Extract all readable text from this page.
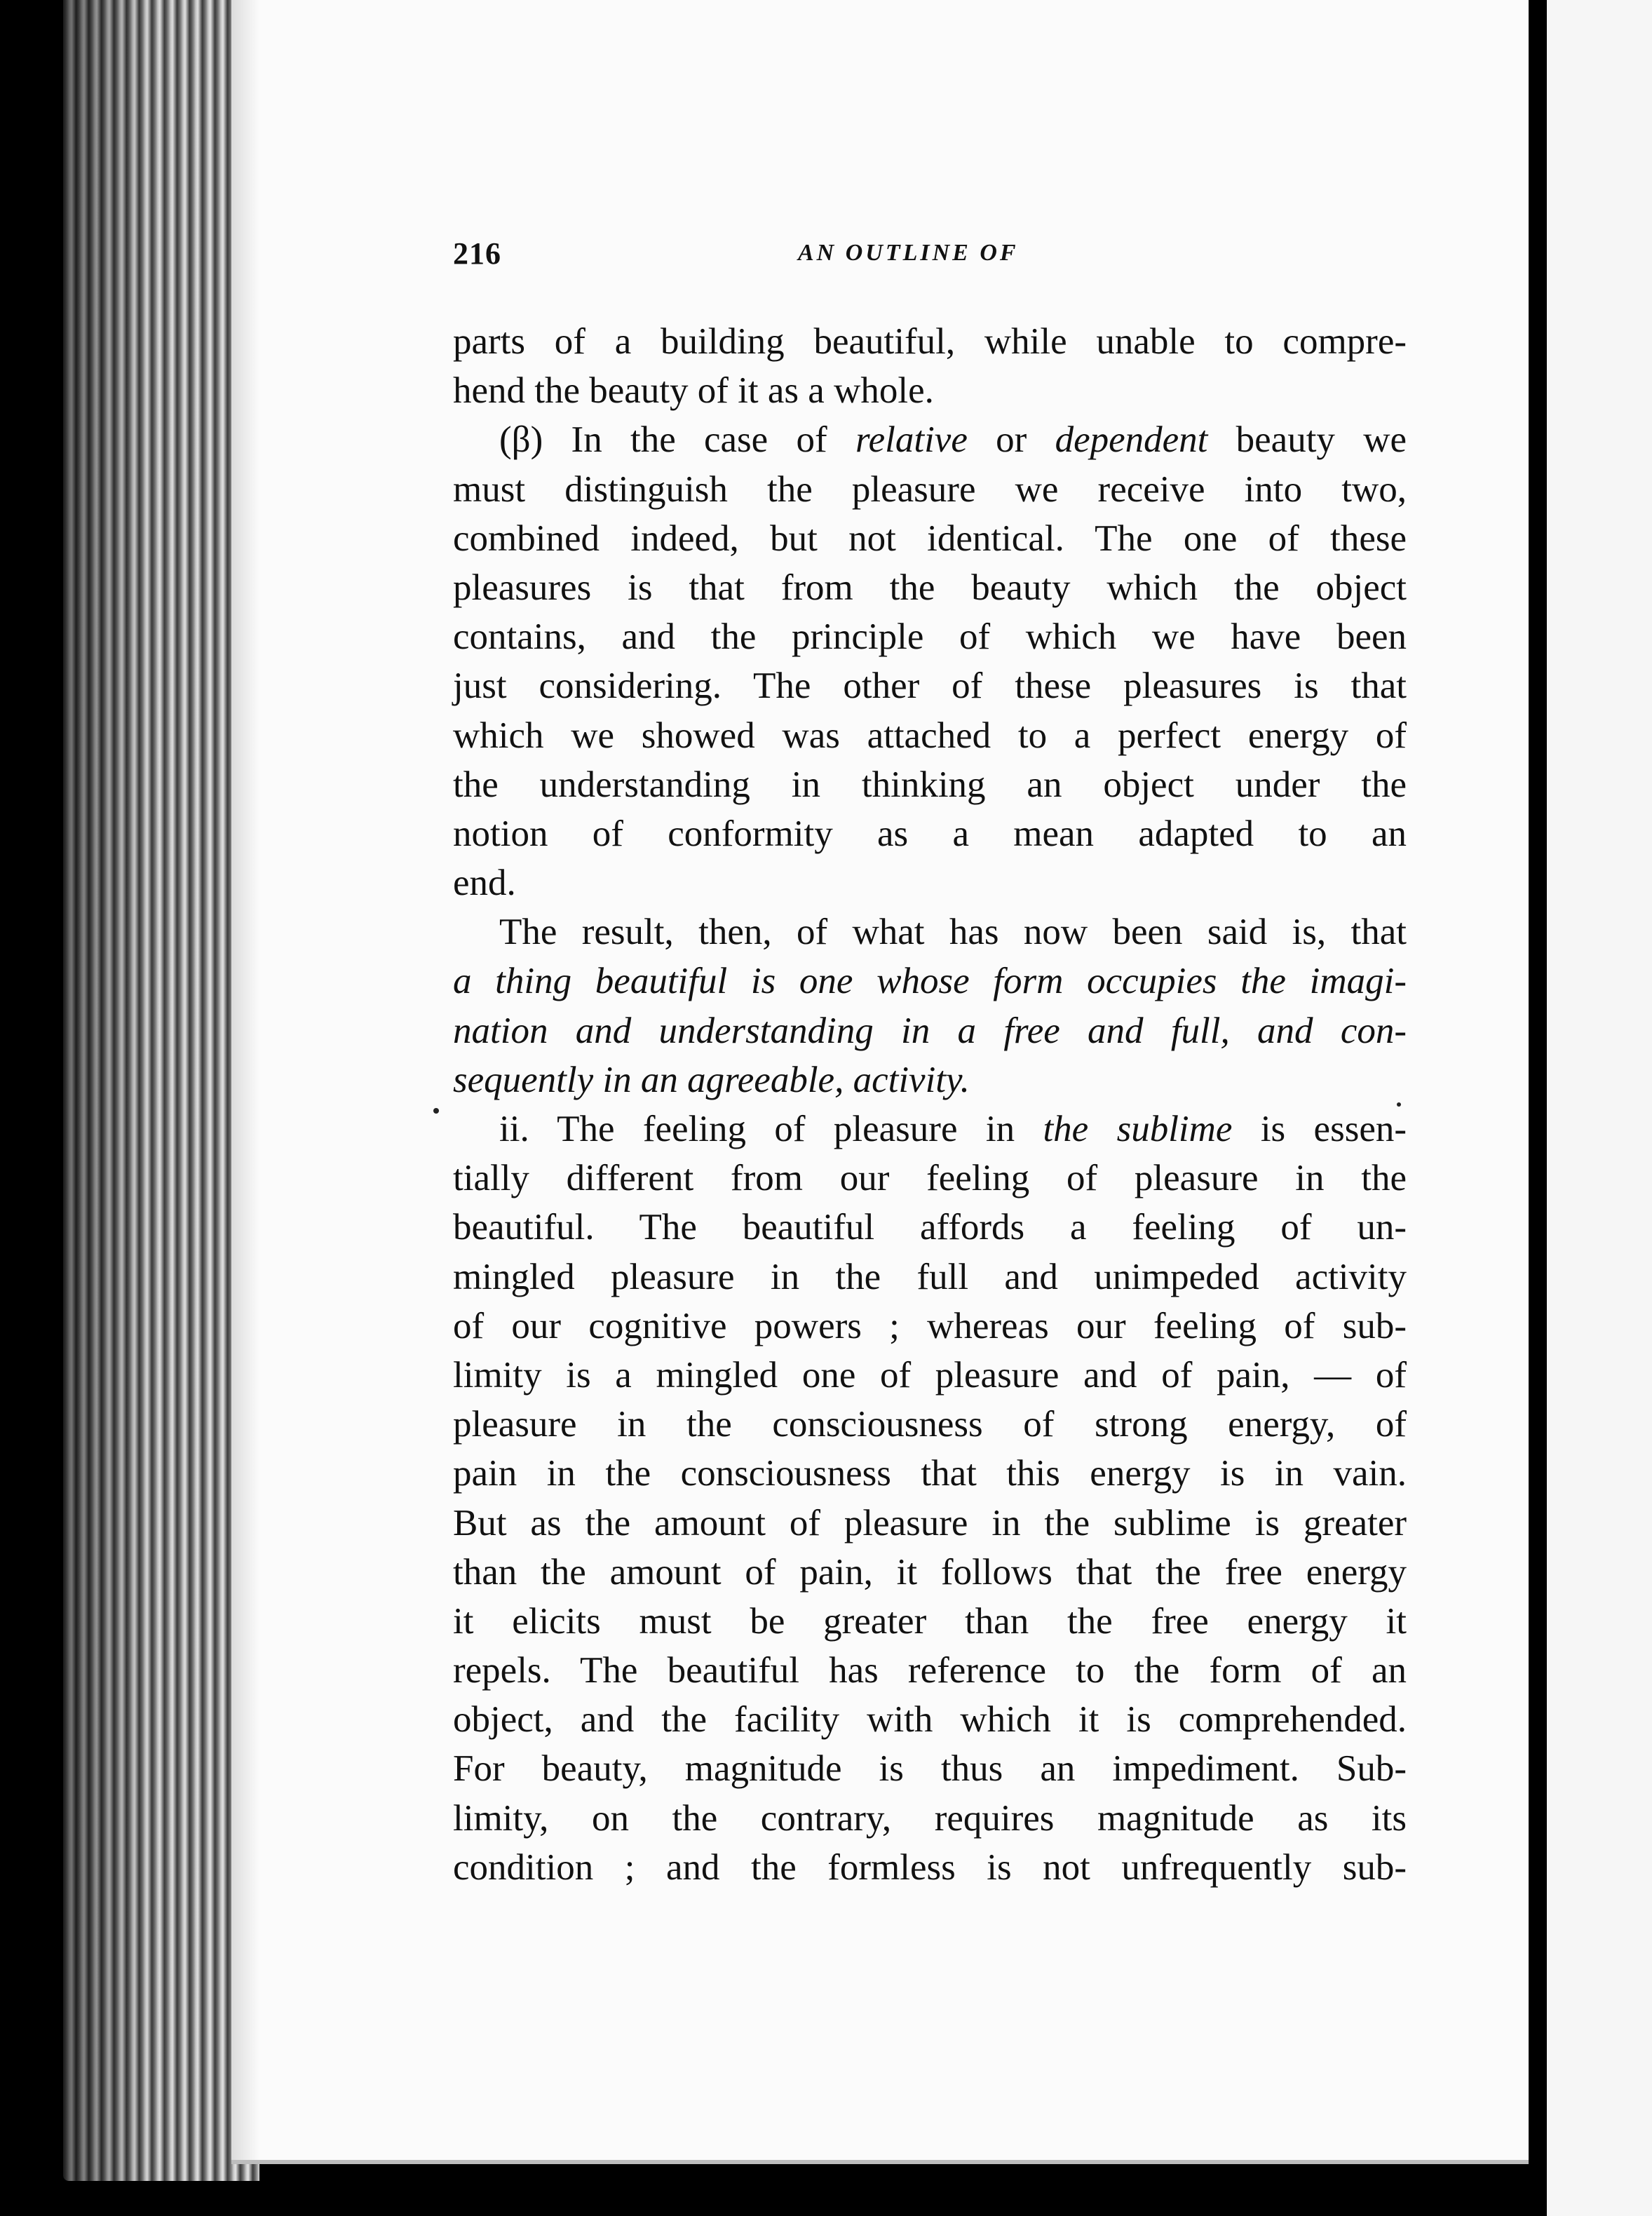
216	AN OUTLINE OF
parts of a building beautiful, while unable to compre-
hend the beauty of it as a whole.
(β) In the case of relative or dependent beauty we
must distinguish the pleasure we receive into two,
combined indeed, but not identical. The one of these
pleasures is that from the beauty which the object
contains, and the principle of which we have been
just considering. The other of these pleasures is that
which we showed was attached to a perfect energy of
the understanding in thinking an object under the
notion of conformity as a mean adapted to an
end.
The result, then, of what has now been said is, that
a thing beautiful is one whose form occupies the imagi-
nation and understanding in a free and full, and con-
sequently in an agreeable, activity.
ii. The feeling of pleasure in the sublime is essen-
tially different from our feeling of pleasure in the
beautiful. The beautiful affords a feeling of un-
mingled pleasure in the full and unimpeded activity
of our cognitive powers ; whereas our feeling of sub-
limity is a mingled one of pleasure and of pain, — of
pleasure in the consciousness of strong energy, of
pain in the consciousness that this energy is in vain.
But as the amount of pleasure in the sublime is greater
than the amount of pain, it follows that the free energy
it elicits must be greater than the free energy it
repels. The beautiful has reference to the form of an
object, and the facility with which it is comprehended.
For beauty, magnitude is thus an impediment. Sub-
limity, on the contrary, requires magnitude as its
condition ; and the formless is not unfrequently sub-
